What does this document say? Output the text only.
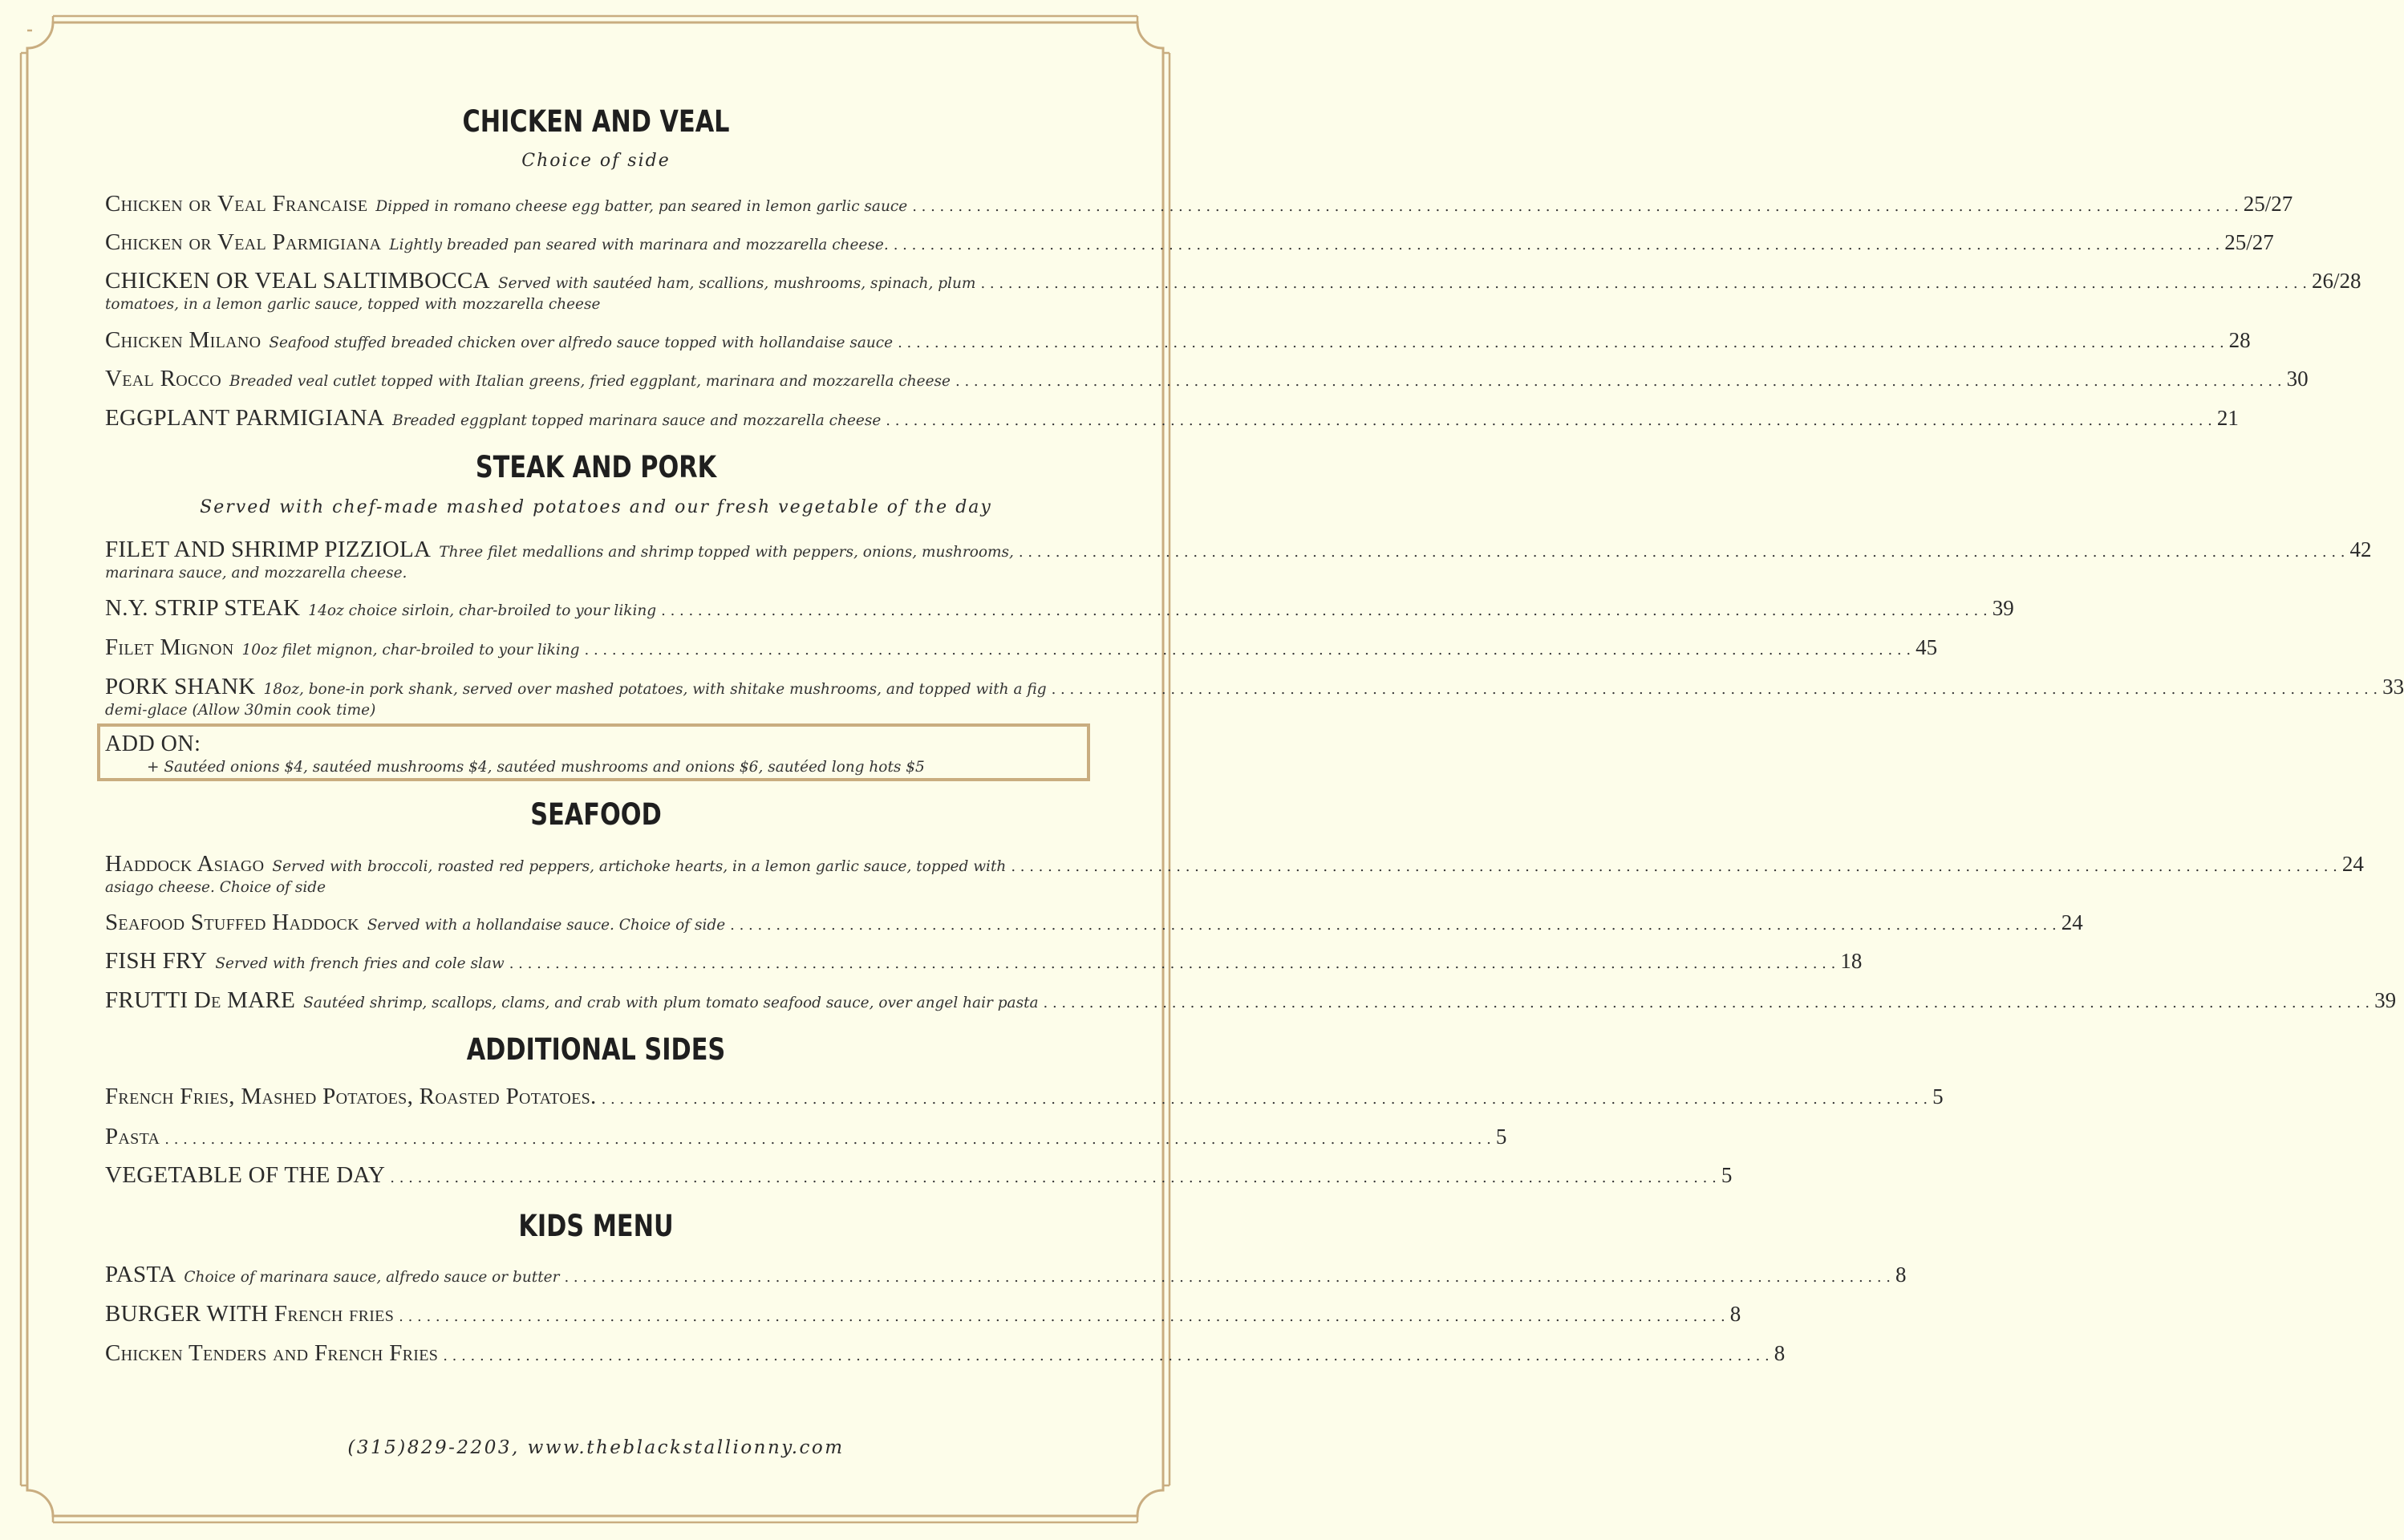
CHICKEN AND VEAL
Choice of side
Chicken or Veal Francaise Dipped in romano cheese egg batter, pan seared in lemon garlic sauce . . .	25/27
Chicken or Veal Parmigiana Lightly breaded pan seared with marinara and mozzarella cheese. . . .	25/27
CHICKEN OR VEAL SALTIMBOCCA Served with sautéed ham, scallions, mushrooms, spinach, plum . . .	26/28
tomatoes, in a lemon garlic sauce, topped with mozzarella cheese
Chicken Milano Seafood stuffed breaded chicken over alfredo sauce topped with hollandaise sauce . . .	28
Veal Rocco Breaded veal cutlet topped with Italian greens, fried eggplant, marinara and mozzarella cheese . . .	30
EGGPLANT PARMIGIANA Breaded eggplant topped marinara sauce and mozzarella cheese . . .	21
STEAK AND PORK
Served with chef-made mashed potatoes and our fresh vegetable of the day
FILET AND SHRIMP PIZZIOLA Three filet medallions and shrimp topped with peppers, onions, mushrooms, . . .	42
marinara sauce, and mozzarella cheese.
N.Y. STRIP STEAK 14oz choice sirloin, char-broiled to your liking . . .	39
Filet Mignon 10oz filet mignon, char-broiled to your liking . . .	45
PORK SHANK 18oz, bone-in pork shank, served over mashed potatoes, with shitake mushrooms, and topped with a fig . . .	33
demi-glace (Allow 30min cook time)
SEAFOOD
Haddock Asiago Served with broccoli, roasted red peppers, artichoke hearts, in a lemon garlic sauce, topped with . . .	24
asiago cheese. Choice of side
Seafood Stuffed Haddock Served with a hollandaise sauce. Choice of side . . .	24
FISH FRY Served with french fries and cole slaw . . .	18
FRUTTI De MARE Sautéed shrimp, scallops, clams, and crab with plum tomato seafood sauce, over angel hair pasta . . .	39
ADDITIONAL SIDES
French Fries, Mashed Potatoes, Roasted Potatoes. . . .	5
Pasta . . .	5
VEGETABLE OF THE DAY . . .	5
KIDS MENU
PASTA Choice of marinara sauce, alfredo sauce or butter . . .	8
BURGER WITH French fries . . .	8
Chicken Tenders and French Fries . . .	8
ADD ON:
+ Sautéed onions $4, sautéed mushrooms $4, sautéed mushrooms and onions $6, sautéed long hots $5
(315)829-2203, www.theblackstallionny.com
